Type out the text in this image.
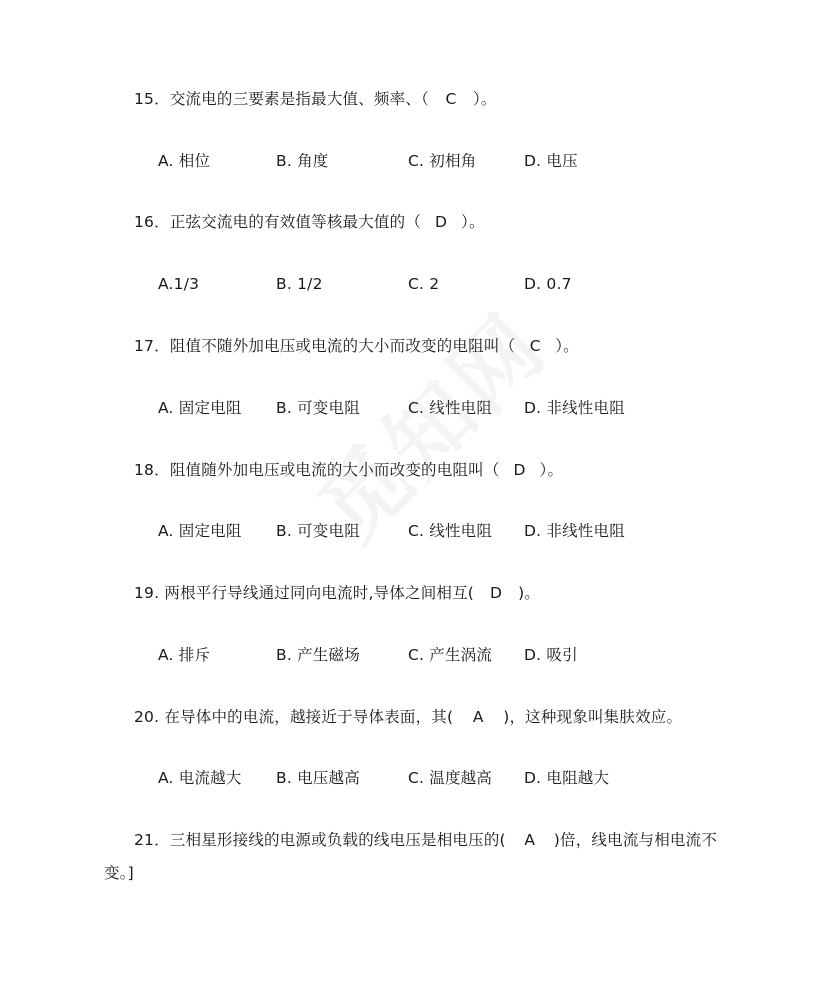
15．交流电的三要素是指最大值、频率、（ C ）。
A. 相位	B. 角度	C. 初相角	D. 电压
16．正弦交流电的有效值等核最大值的（ D ）。
A.1/3	B. 1/2	C. 2	D. 0.7
17．阻值不随外加电压或电流的大小而改变的电阻叫（ C ）。
A. 固定电阻 B. 可变电阻	C. 线性电阻 D. 非线性电阻
18．阻值随外加电压或电流的大小而改变的电阻叫（ D ）。
A. 固定电阻 B. 可变电阻	C. 线性电阻 D. 非线性电阻
19. 两根平行导线通过同向电流时,导体之间相互( D )。
A. 排斥	B. 产生磁场	C. 产生涡流 D. 吸引
20. 在导体中的电流，越接近于导体表面，其( A )，这种现象叫集肤效应。
A. 电流越大 B. 电压越高	C. 温度越高 D. 电阻越大
21．三相星形接线的电源或负载的线电压是相电压的( A )倍，线电流与相电流不
变。]
